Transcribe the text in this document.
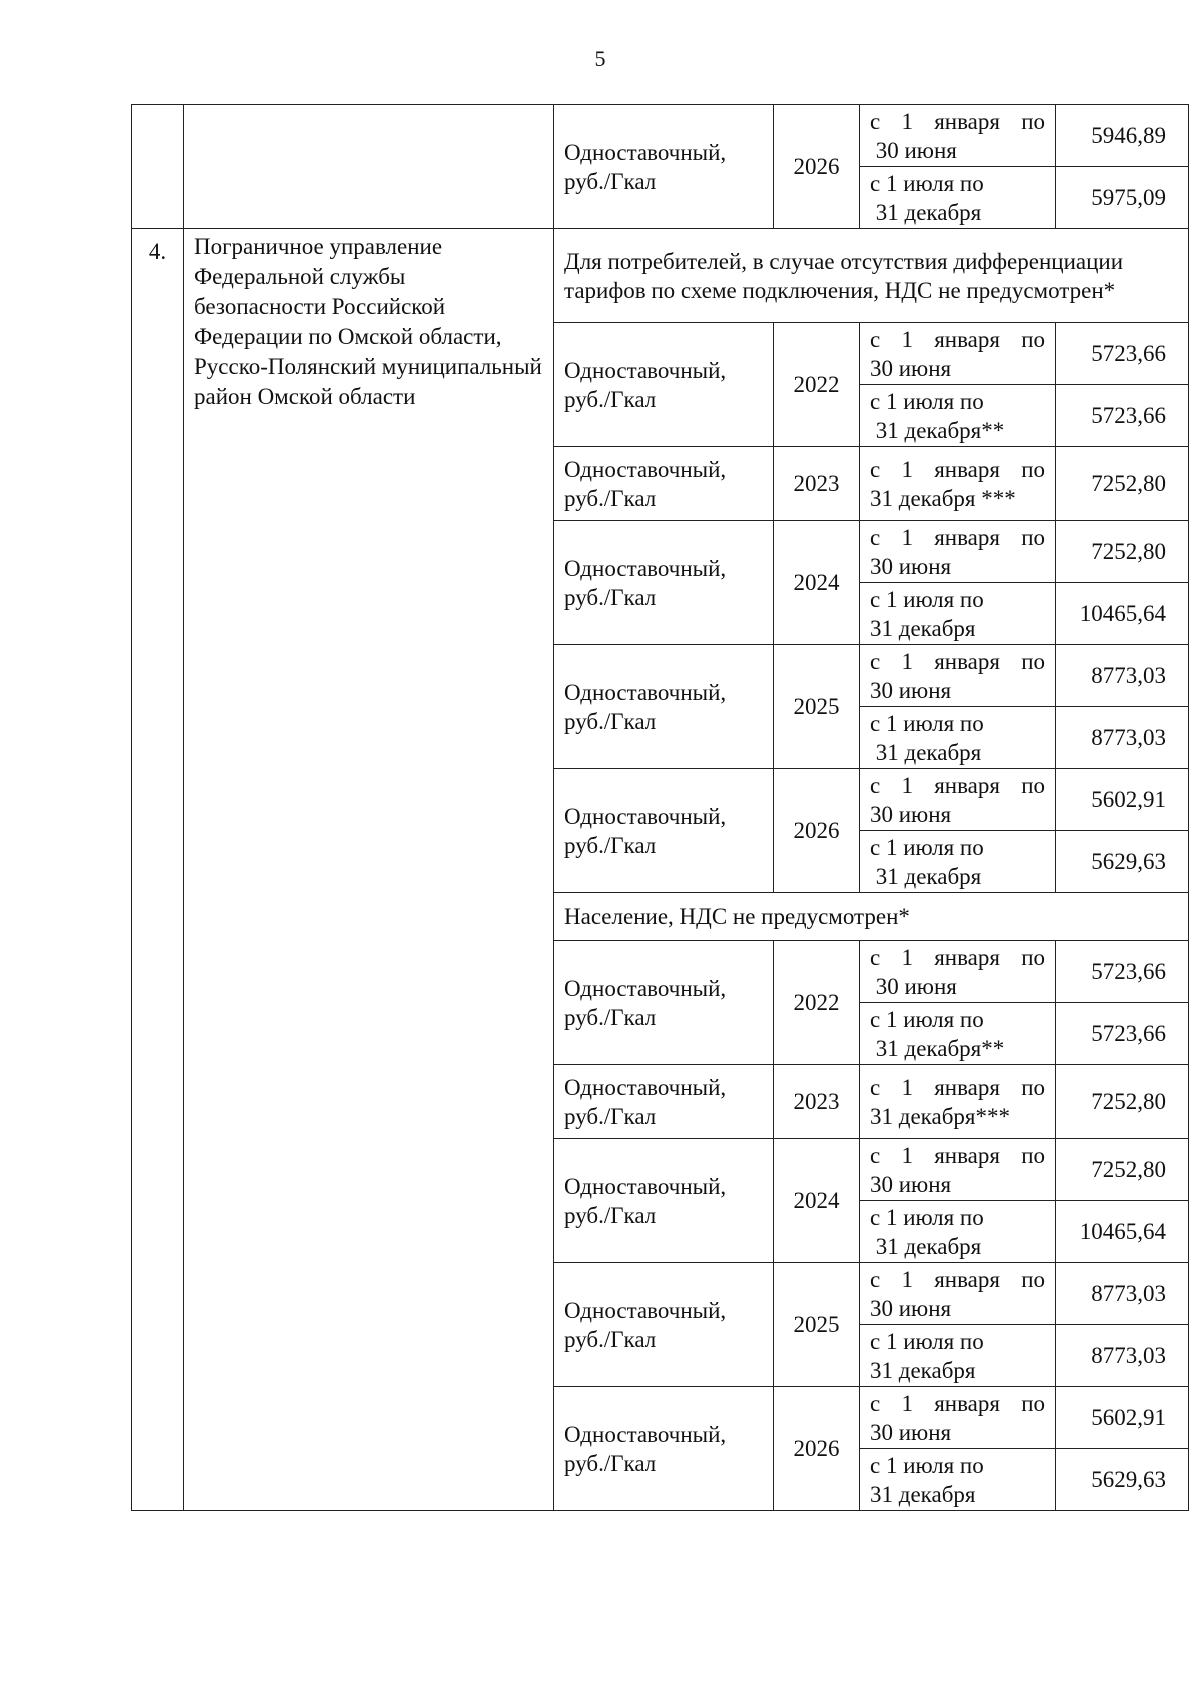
5
		Одноставочный, руб./Гкал	2026	с 1 января по
30 июня	5946,89

				с 1 июля по
31 декабря	5975,09
4.	Пограничное управление Федеральной службы безопасности Российской Федерации по Омской области, Русско-Полянский муниципальный район Омской области	Для потребителей, в случае отсутствия дифференциации тарифов по схеме подключения, НДС не предусмотрен*			
		Одноставочный, руб./Гкал	2022	с 1 января по
30 июня	5723,66

				с 1 июля по
31 декабря**	5723,66
		Одноставочный, руб./Гкал	2023	с 1 января по
31 декабря ***	7252,80
		Одноставочный, руб./Гкал	2024	с 1 января по
30 июня	7252,80

				с 1 июля по
31 декабря	10465,64
		Одноставочный, руб./Гкал	2025	с 1 января по
30 июня	8773,03

				с 1 июля по
31 декабря	8773,03
		Одноставочный, руб./Гкал	2026	с 1 января по
30 июня	5602,91

				с 1 июля по
31 декабря	5629,63
		Население, НДС не предусмотрен*			
		Одноставочный, руб./Гкал	2022	с 1 января по
30 июня	5723,66

				с 1 июля по
31 декабря**	5723,66
		Одноставочный, руб./Гкал	2023	с 1 января по
31 декабря***	7252,80
		Одноставочный, руб./Гкал	2024	с 1 января по
30 июня	7252,80

				с 1 июля по
31 декабря	10465,64
		Одноставочный, руб./Гкал	2025	с 1 января по
30 июня	8773,03

				с 1 июля по
31 декабря	8773,03
		Одноставочный, руб./Гкал	2026	с 1 января по
30 июня	5602,91

				с 1 июля по
31 декабря	5629,63
